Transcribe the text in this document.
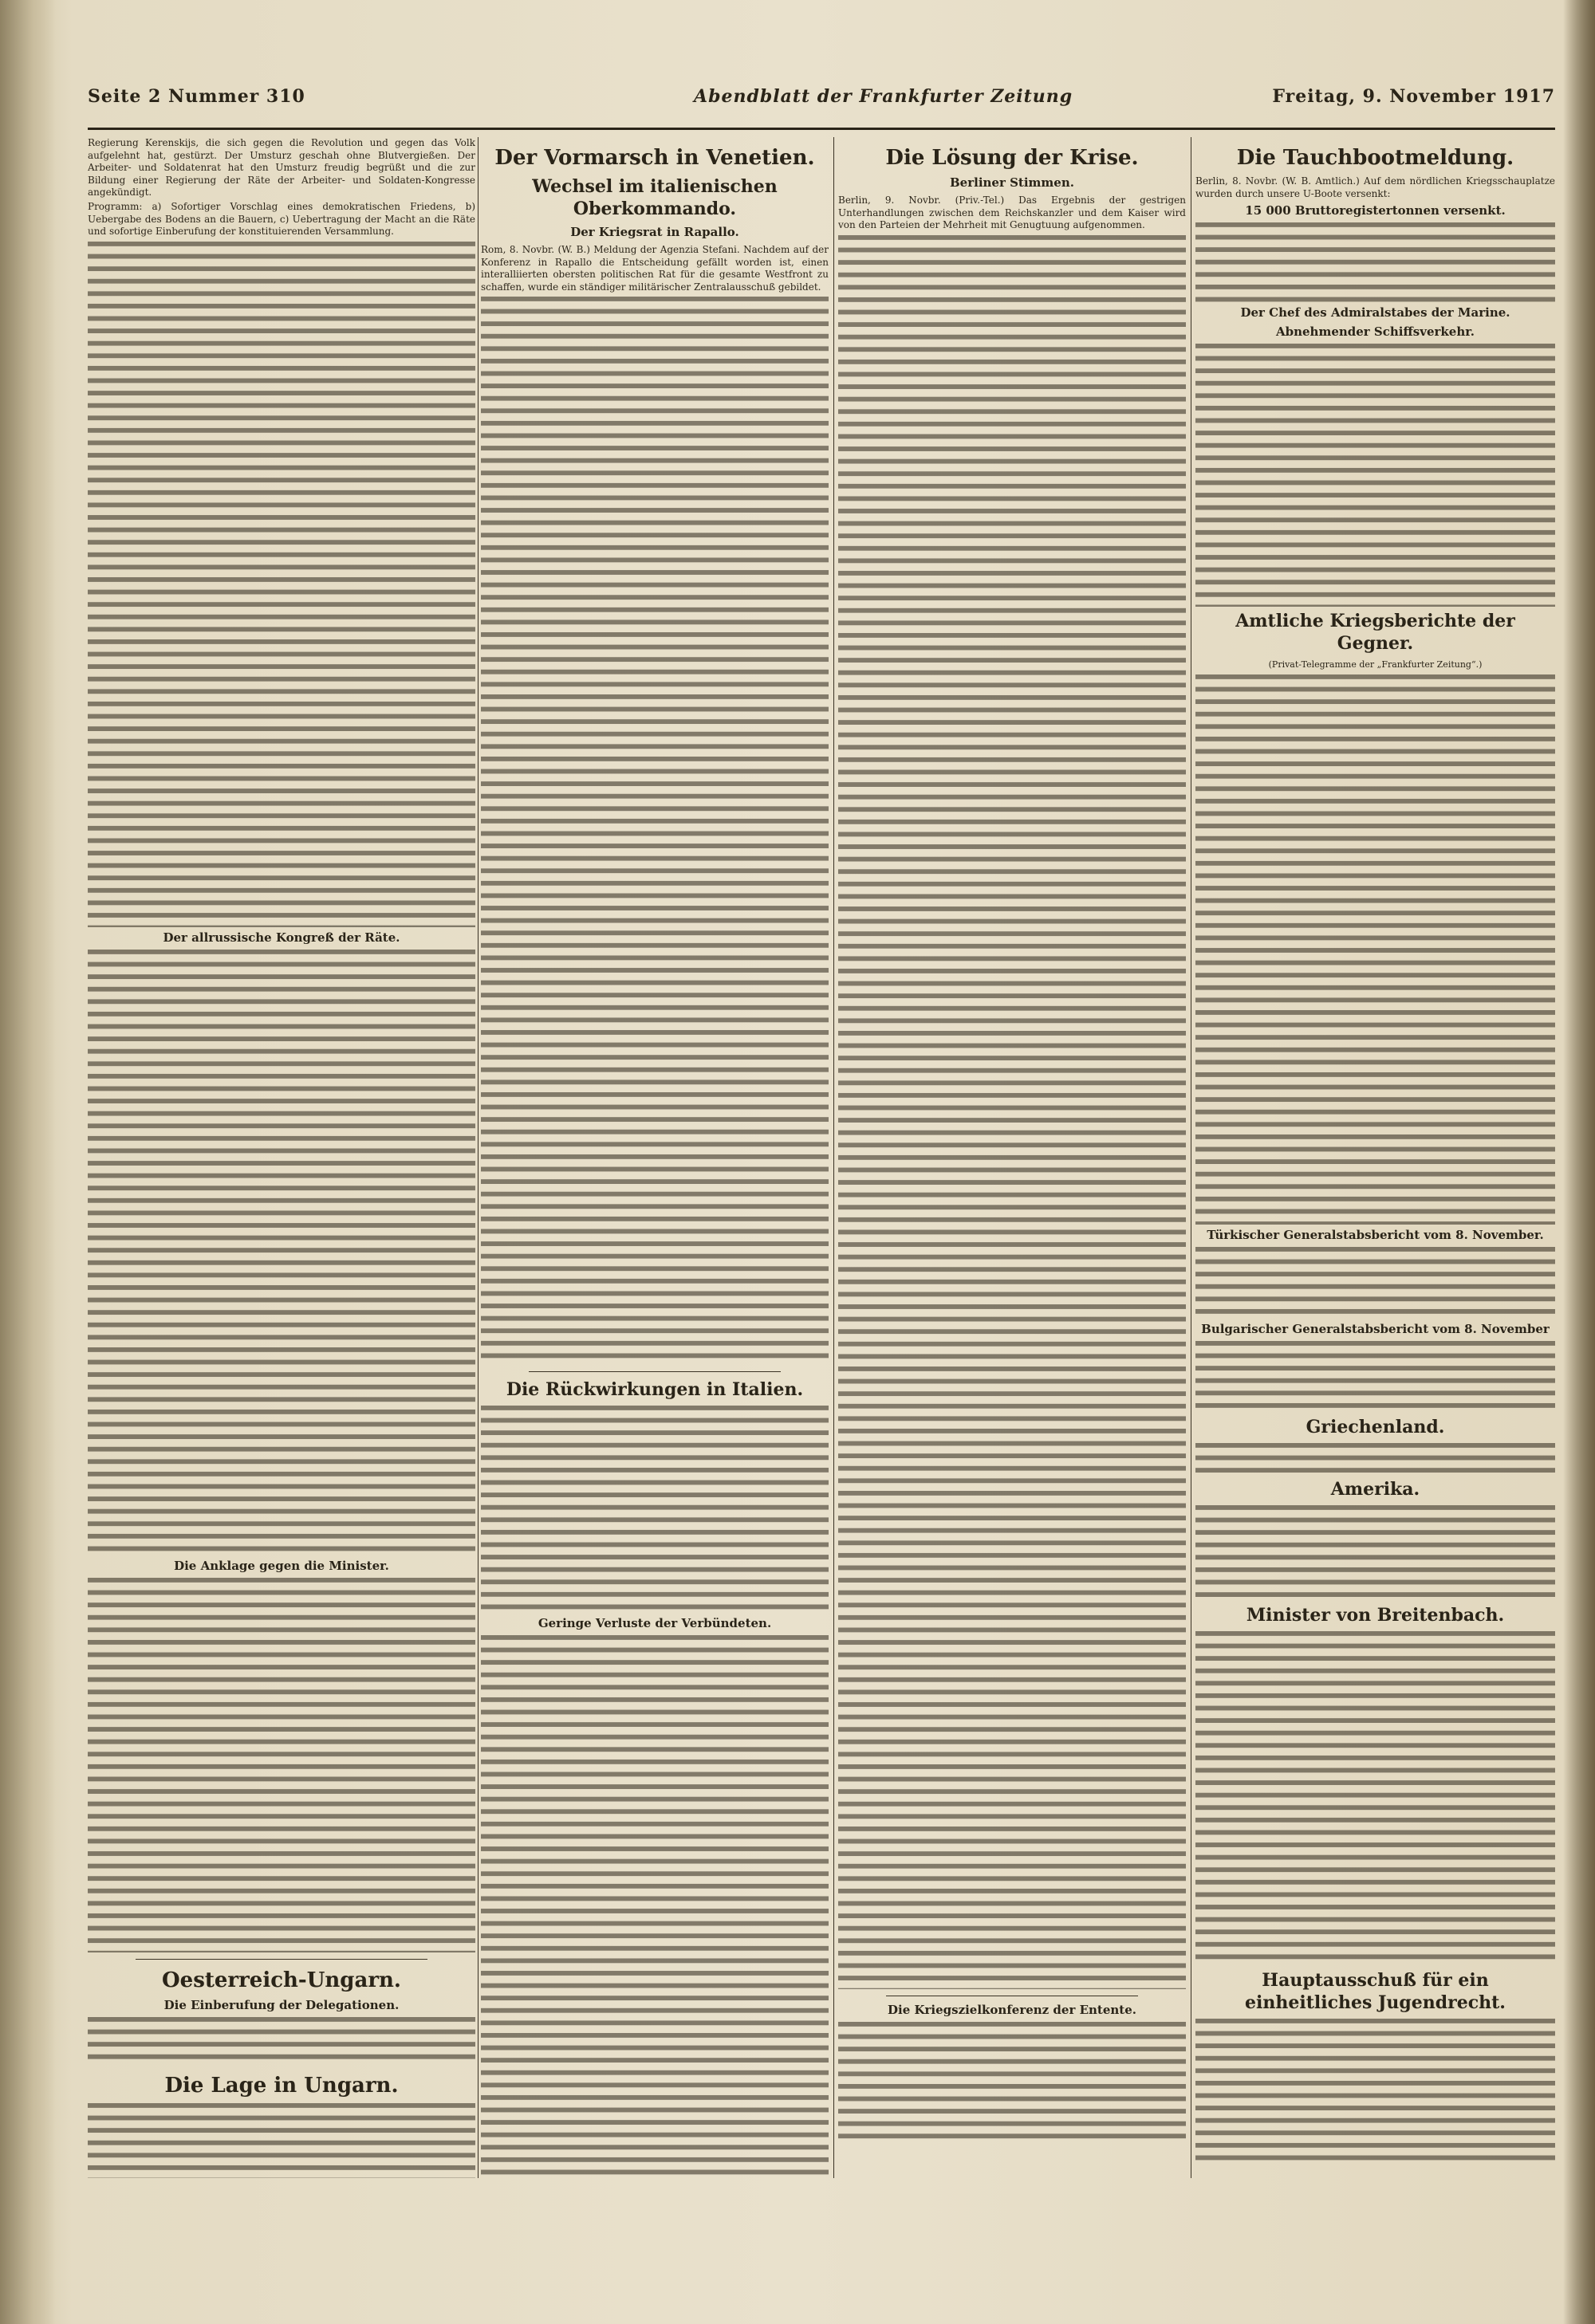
Seite 2 Nummer 310	Abendblatt der Frankfurter Zeitung	Freitag, 9. November 1917
Regierung Kerenskijs, die sich gegen die Revolution und gegen das Volk aufgelehnt hat, gestürzt. Der Umsturz geschah ohne Blutvergießen. Der Arbeiter- und Soldatenrat hat den Umsturz freudig begrüßt und die zur Bildung einer Regierung der Räte der Arbeiter- und Soldaten-Kongresse angekündigt.
Programm: a) Sofortiger Vorschlag eines demokratischen Friedens, b) Uebergabe des Bodens an die Bauern, c) Uebertragung der Macht an die Räte und sofortige Einberufung der konstituierenden Versammlung.
Der allrussische Kongreß der Räte.
Die Anklage gegen die Minister.
Oesterreich-Ungarn.
Die Einberufung der Delegationen.
Die Lage in Ungarn.
Der Vormarsch in Venetien.
Wechsel im italienischen Oberkommando.
Der Kriegsrat in Rapallo.
Rom, 8. Novbr. (W. B.) Meldung der Agenzia Stefani. Nachdem auf der Konferenz in Rapallo die Entscheidung gefällt worden ist, einen interalliierten obersten politischen Rat für die gesamte Westfront zu schaffen, wurde ein ständiger militärischer Zentralausschuß gebildet.
Die Rückwirkungen in Italien.
Geringe Verluste der Verbündeten.
Die Lösung der Krise.
Berliner Stimmen.
Berlin, 9. Novbr. (Priv.-Tel.) Das Ergebnis der gestrigen Unterhandlungen zwischen dem Reichskanzler und dem Kaiser wird von den Parteien der Mehrheit mit Genugtuung aufgenommen.
Die Kriegszielkonferenz der Entente.
Die Tauchbootmeldung.
Berlin, 8. Novbr. (W. B. Amtlich.) Auf dem nördlichen Kriegsschauplatze wurden durch unsere U-Boote versenkt:
15 000 Bruttoregistertonnen versenkt.
Der Chef des Admiralstabes der Marine.
Abnehmender Schiffsverkehr.
Amtliche Kriegsberichte der Gegner.
(Privat-Telegramme der „Frankfurter Zeitung“.)
Türkischer Generalstabsbericht vom 8. November.
Bulgarischer Generalstabsbericht vom 8. November
Griechenland.
Amerika.
Minister von Breitenbach.
Hauptausschuß für ein einheitliches Jugendrecht.
